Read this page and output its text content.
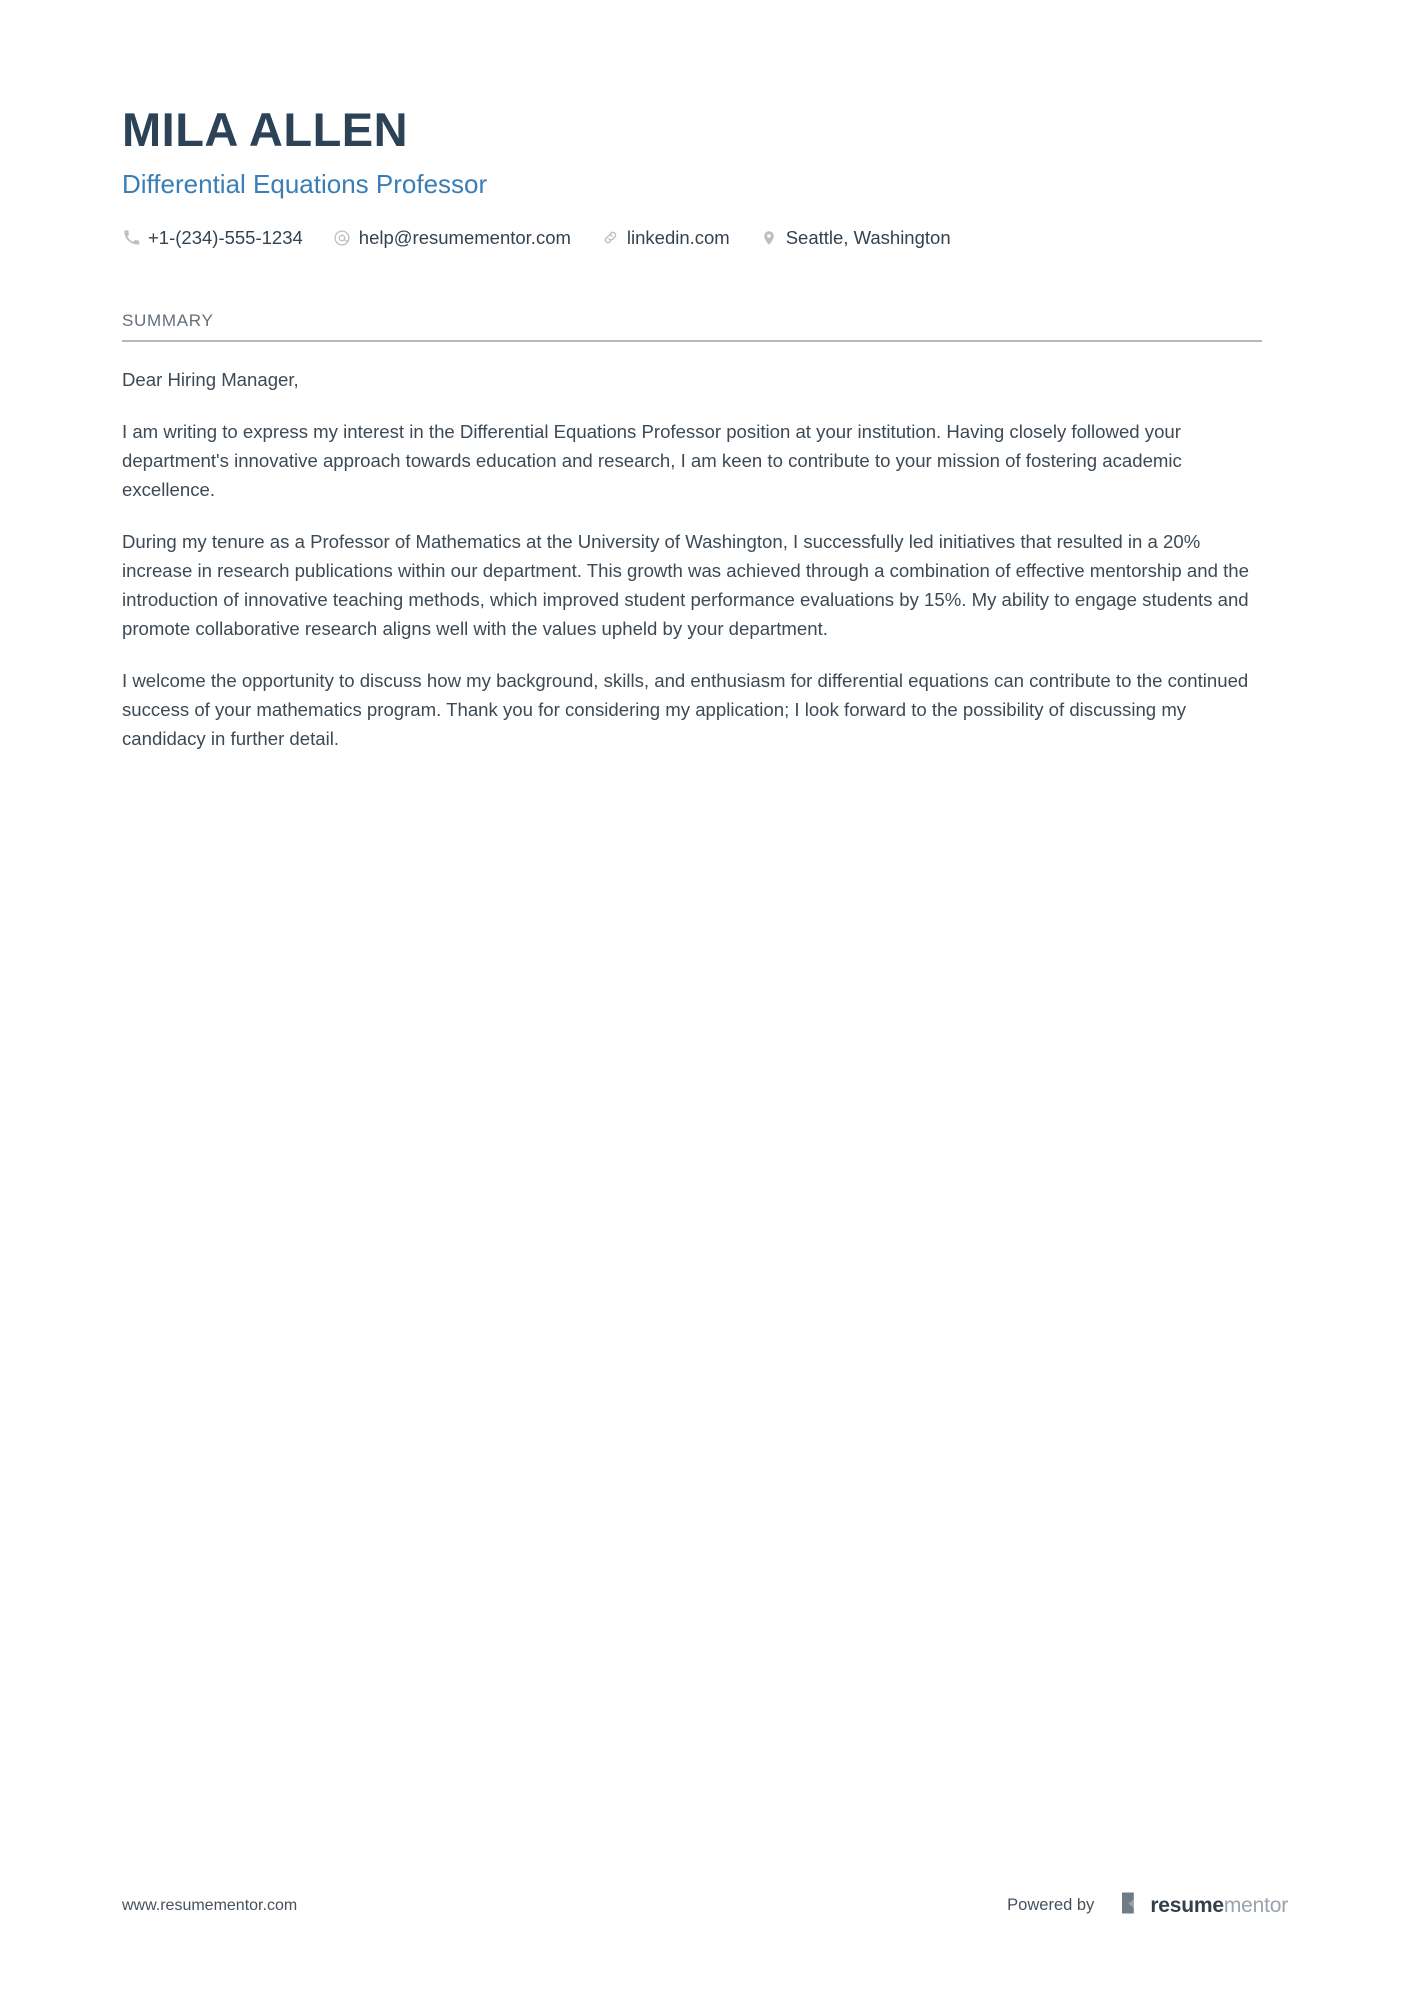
MILA ALLEN
Differential Equations Professor
+1-(234)-555-1234	help@resumementor.com	linkedin.com	Seattle, Washington
SUMMARY

Dear Hiring Manager,

I am writing to express my interest in the Differential Equations Professor position at your institution. Having closely followed your department's innovative approach towards education and research, I am keen to contribute to your mission of fostering academic excellence.

During my tenure as a Professor of Mathematics at the University of Washington, I successfully led initiatives that resulted in a 20% increase in research publications within our department. This growth was achieved through a combination of effective mentorship and the introduction of innovative teaching methods, which improved student performance evaluations by 15%. My ability to engage students and promote collaborative research aligns well with the values upheld by your department.

I welcome the opportunity to discuss how my background, skills, and enthusiasm for differential equations can contribute to the continued success of your mathematics program. Thank you for considering my application; I look forward to the possibility of discussing my candidacy in further detail.

www.resumementor.com	Powered by	resumementor
